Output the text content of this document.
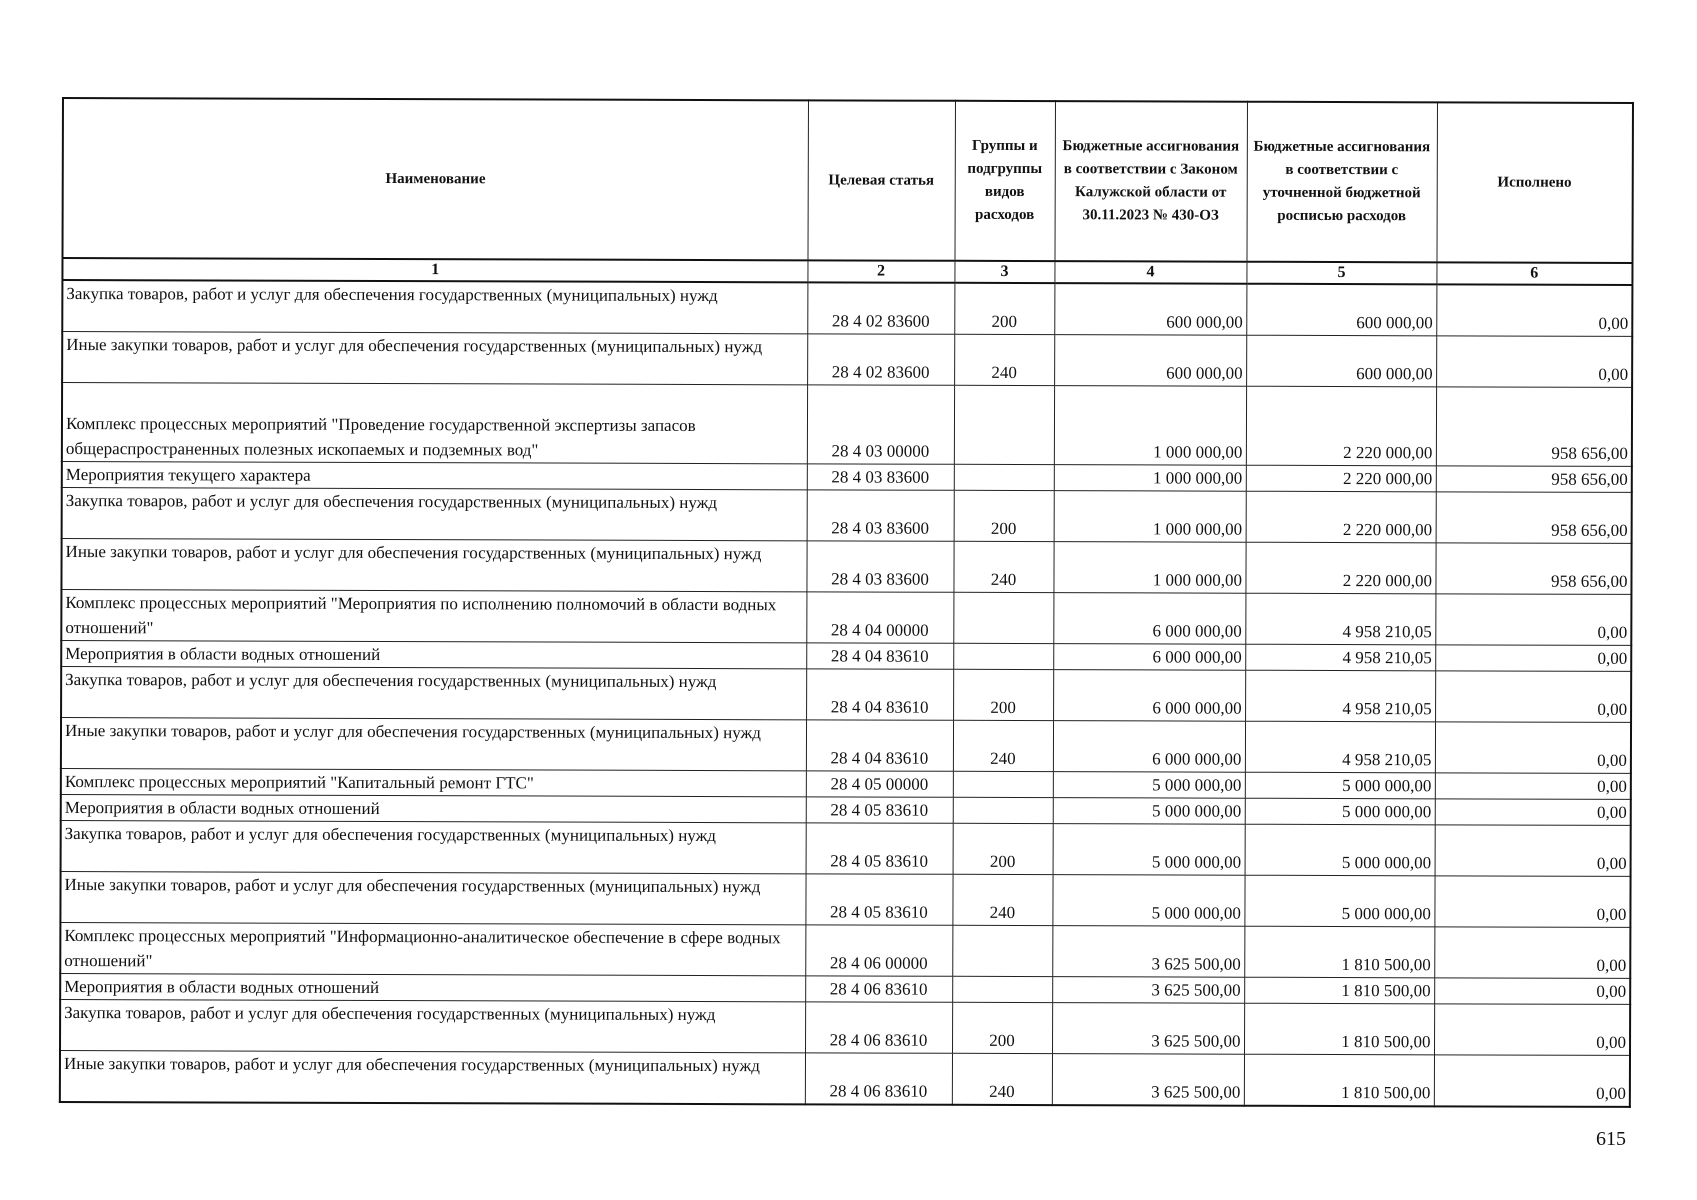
Наименование	Целевая статья	Группы и подгруппы видов расходов	Бюджетные ассигнования в соответствии с Законом Калужской области от 30.11.2023 № 430-ОЗ	Бюджетные ассигнования в соответствии с уточненной бюджетной росписью расходов	Исполнено
1	2	3	4	5	6
Закупка товаров, работ и услуг для обеспечения государственных (муниципальных) нужд	28 4 02 83600	200	600 000,00	600 000,00	0,00
Иные закупки товаров, работ и услуг для обеспечения государственных (муниципальных) нужд	28 4 02 83600	240	600 000,00	600 000,00	0,00
Комплекс процессных мероприятий "Проведение государственной экспертизы запасов общераспространенных полезных ископаемых и подземных вод"	28 4 03 00000		1 000 000,00	2 220 000,00	958 656,00
Мероприятия текущего характера	28 4 03 83600		1 000 000,00	2 220 000,00	958 656,00
Закупка товаров, работ и услуг для обеспечения государственных (муниципальных) нужд	28 4 03 83600	200	1 000 000,00	2 220 000,00	958 656,00
Иные закупки товаров, работ и услуг для обеспечения государственных (муниципальных) нужд	28 4 03 83600	240	1 000 000,00	2 220 000,00	958 656,00
Комплекс процессных мероприятий "Мероприятия по исполнению полномочий в области водных отношений"	28 4 04 00000		6 000 000,00	4 958 210,05	0,00
Мероприятия в области водных отношений	28 4 04 83610		6 000 000,00	4 958 210,05	0,00
Закупка товаров, работ и услуг для обеспечения государственных (муниципальных) нужд	28 4 04 83610	200	6 000 000,00	4 958 210,05	0,00
Иные закупки товаров, работ и услуг для обеспечения государственных (муниципальных) нужд	28 4 04 83610	240	6 000 000,00	4 958 210,05	0,00
Комплекс процессных мероприятий "Капитальный ремонт ГТС"	28 4 05 00000		5 000 000,00	5 000 000,00	0,00
Мероприятия в области водных отношений	28 4 05 83610		5 000 000,00	5 000 000,00	0,00
Закупка товаров, работ и услуг для обеспечения государственных (муниципальных) нужд	28 4 05 83610	200	5 000 000,00	5 000 000,00	0,00
Иные закупки товаров, работ и услуг для обеспечения государственных (муниципальных) нужд	28 4 05 83610	240	5 000 000,00	5 000 000,00	0,00
Комплекс процессных мероприятий "Информационно-аналитическое обеспечение в сфере водных отношений"	28 4 06 00000		3 625 500,00	1 810 500,00	0,00
Мероприятия в области водных отношений	28 4 06 83610		3 625 500,00	1 810 500,00	0,00
Закупка товаров, работ и услуг для обеспечения государственных (муниципальных) нужд	28 4 06 83610	200	3 625 500,00	1 810 500,00	0,00
Иные закупки товаров, работ и услуг для обеспечения государственных (муниципальных) нужд	28 4 06 83610	240	3 625 500,00	1 810 500,00	0,00
615
